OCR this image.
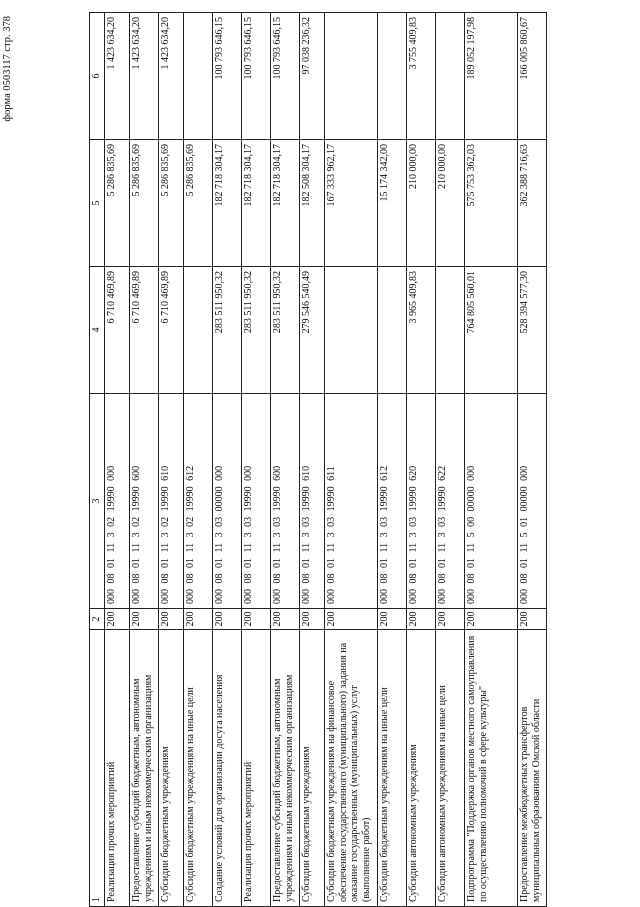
форма 0503117 стр. 378
1	2	3	4	5	6
Реализация прочих мероприятий	200	000 08 01 11 3 02 19990 000	6 710 469,89	5 286 835,69	1 423 634,20
Предоставление субсидий бюджетным, автономным учреждениям и иным некоммерческим организациям	200	000 08 01 11 3 02 19990 600	6 710 469,89	5 286 835,69	1 423 634,20
Субсидии бюджетным учреждениям	200	000 08 01 11 3 02 19990 610	6 710 469,89	5 286 835,69	1 423 634,20
Субсидии бюджетным учреждениям на иные цели	200	000 08 01 11 3 02 19990 612		5 286 835,69	
Создание условий для организации досуга населения	200	000 08 01 11 3 03 00000 000	283 511 950,32	182 718 304,17	100 793 646,15
Реализация прочих мероприятий	200	000 08 01 11 3 03 19990 000	283 511 950,32	182 718 304,17	100 793 646,15
Предоставление субсидий бюджетным, автономным учреждениям и иным некоммерческим организациям	200	000 08 01 11 3 03 19990 600	283 511 950,32	182 718 304,17	100 793 646,15
Субсидии бюджетным учреждениям	200	000 08 01 11 3 03 19990 610	279 546 540,49	182 508 304,17	97 038 236,32
Субсидии бюджетным учреждениям на финансовое обеспечение государственного (муниципального) задания на оказание государственных (муниципальных) услуг (выполнение работ)	200	000 08 01 11 3 03 19990 611		167 333 962,17	
Субсидии бюджетным учреждениям на иные цели	200	000 08 01 11 3 03 19990 612		15 174 342,00	
Субсидии автономным учреждениям	200	000 08 01 11 3 03 19990 620	3 965 409,83	210 000,00	3 755 409,83
Субсидии автономным учреждениям на иные цели	200	000 08 01 11 3 03 19990 622		210 000,00	
Подпрограмма "Поддержка органов местного самоуправления по осуществлению полномочий в сфере культуры"	200	000 08 01 11 5 00 00000 000	764 805 560,01	575 753 362,03	189 052 197,98
Предоставление межбюджетных трансфертов муниципальным образованиям Омской области	200	000 08 01 11 5 01 00000 000	528 394 577,30	362 388 716,63	166 005 860,67
